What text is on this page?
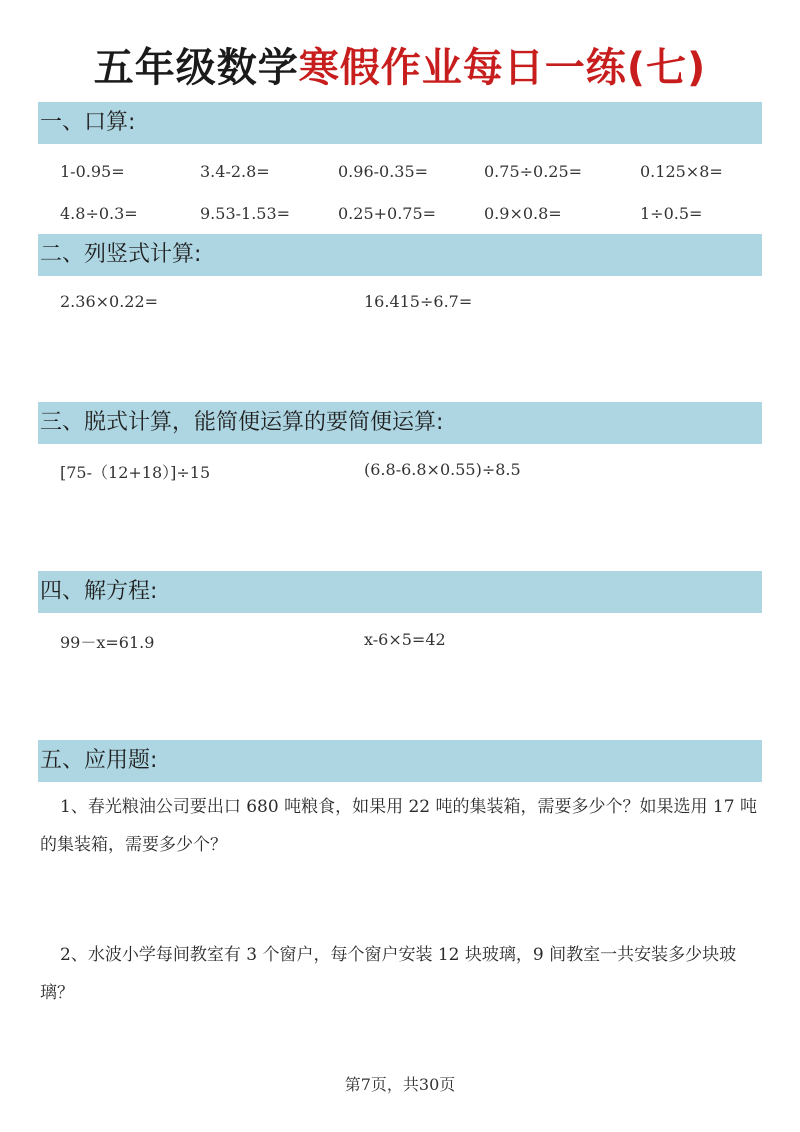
五年级数学寒假作业每日一练(七)
一、口算:
1-0.95=	3.4-2.8=	0.96-0.35=	0.75÷0.25=	0.125×8=
4.8÷0.3=	9.53-1.53=	0.25+0.75=	0.9×0.8=	1÷0.5=
二、列竖式计算:
2.36×0.22=	16.415÷6.7=
三、脱式计算，能简便运算的要简便运算:
[75-（12+18）]÷15	(6.8-6.8×0.55)÷8.5
四、解方程:
99－x=61.9	x-6×5=42
五、应用题:
1、春光粮油公司要出口 680 吨粮食，如果用 22 吨的集装箱，需要多少个？如果选用 17 吨的集装箱，需要多少个？
2、水波小学每间教室有 3 个窗户，每个窗户安装 12 块玻璃，9 间教室一共安装多少块玻璃？
第7页，共30页
